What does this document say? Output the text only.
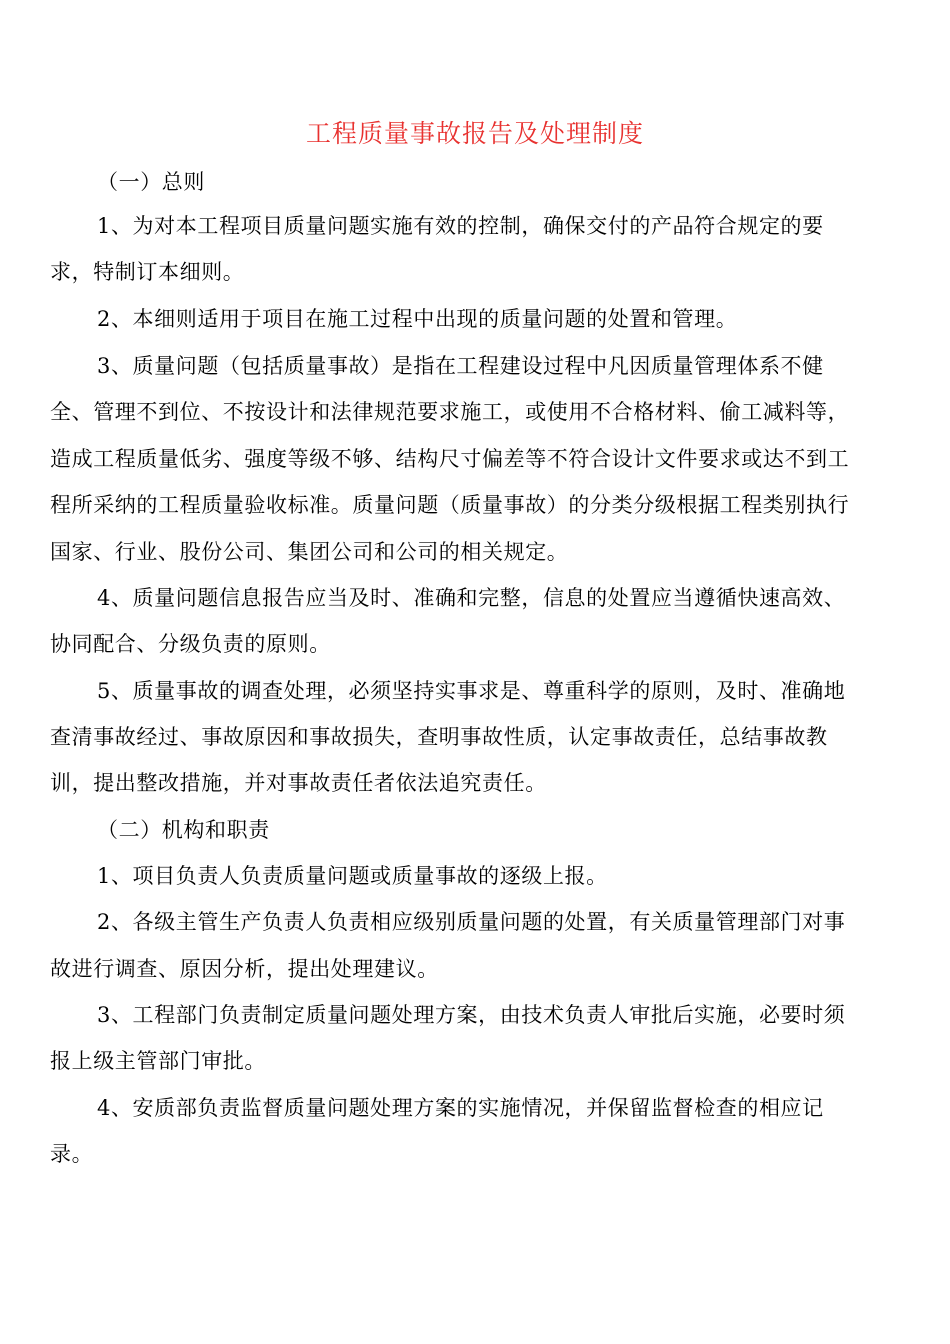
工程质量事故报告及处理制度
（一）总则
1、为对本工程项目质量问题实施有效的控制，确保交付的产品符合规定的要
求，特制订本细则。
2、本细则适用于项目在施工过程中出现的质量问题的处置和管理。
3、质量问题（包括质量事故）是指在工程建设过程中凡因质量管理体系不健
全、管理不到位、不按设计和法律规范要求施工，或使用不合格材料、偷工减料等，
造成工程质量低劣、强度等级不够、结构尺寸偏差等不符合设计文件要求或达不到工
程所采纳的工程质量验收标准。质量问题（质量事故）的分类分级根据工程类别执行
国家、行业、股份公司、集团公司和公司的相关规定。
4、质量问题信息报告应当及时、准确和完整，信息的处置应当遵循快速高效、
协同配合、分级负责的原则。
5、质量事故的调查处理，必须坚持实事求是、尊重科学的原则，及时、准确地
查清事故经过、事故原因和事故损失，查明事故性质，认定事故责任，总结事故教
训，提出整改措施，并对事故责任者依法追究责任。
（二）机构和职责
1、项目负责人负责质量问题或质量事故的逐级上报。
2、各级主管生产负责人负责相应级别质量问题的处置，有关质量管理部门对事
故进行调查、原因分析，提出处理建议。
3、工程部门负责制定质量问题处理方案，由技术负责人审批后实施，必要时须
报上级主管部门审批。
4、安质部负责监督质量问题处理方案的实施情况，并保留监督检查的相应记
录。
